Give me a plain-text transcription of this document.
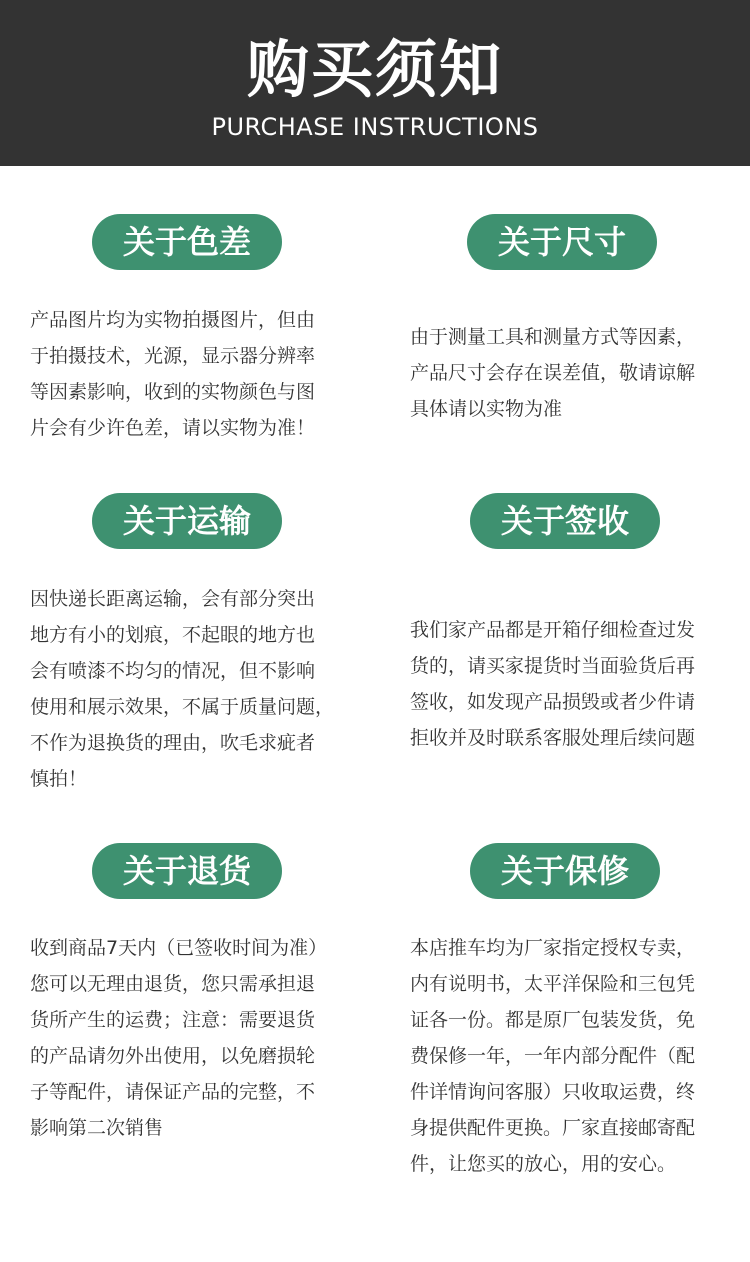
购买须知
PURCHASE INSTRUCTIONS
关于色差
产品图片均为实物拍摄图片，但由
于拍摄技术，光源，显示器分辨率
等因素影响，收到的实物颜色与图
片会有少许色差，请以实物为准！
关于尺寸
由于测量工具和测量方式等因素，
产品尺寸会存在误差值，敬请谅解
具体请以实物为准
关于运输
因快递长距离运输，会有部分突出
地方有小的划痕，不起眼的地方也
会有喷漆不均匀的情况，但不影响
使用和展示效果，不属于质量问题，
不作为退换货的理由，吹毛求疵者
慎拍！
关于签收
我们家产品都是开箱仔细检查过发
货的，请买家提货时当面验货后再
签收，如发现产品损毁或者少件请
拒收并及时联系客服处理后续问题
关于退货
收到商品7天内（已签收时间为准）
您可以无理由退货，您只需承担退
货所产生的运费；注意：需要退货
的产品请勿外出使用，以免磨损轮
子等配件，请保证产品的完整，不
影响第二次销售
关于保修
本店推车均为厂家指定授权专卖，
内有说明书，太平洋保险和三包凭
证各一份。都是原厂包装发货，免
费保修一年，一年内部分配件（配
件详情询问客服）只收取运费，终
身提供配件更换。厂家直接邮寄配
件，让您买的放心，用的安心。
